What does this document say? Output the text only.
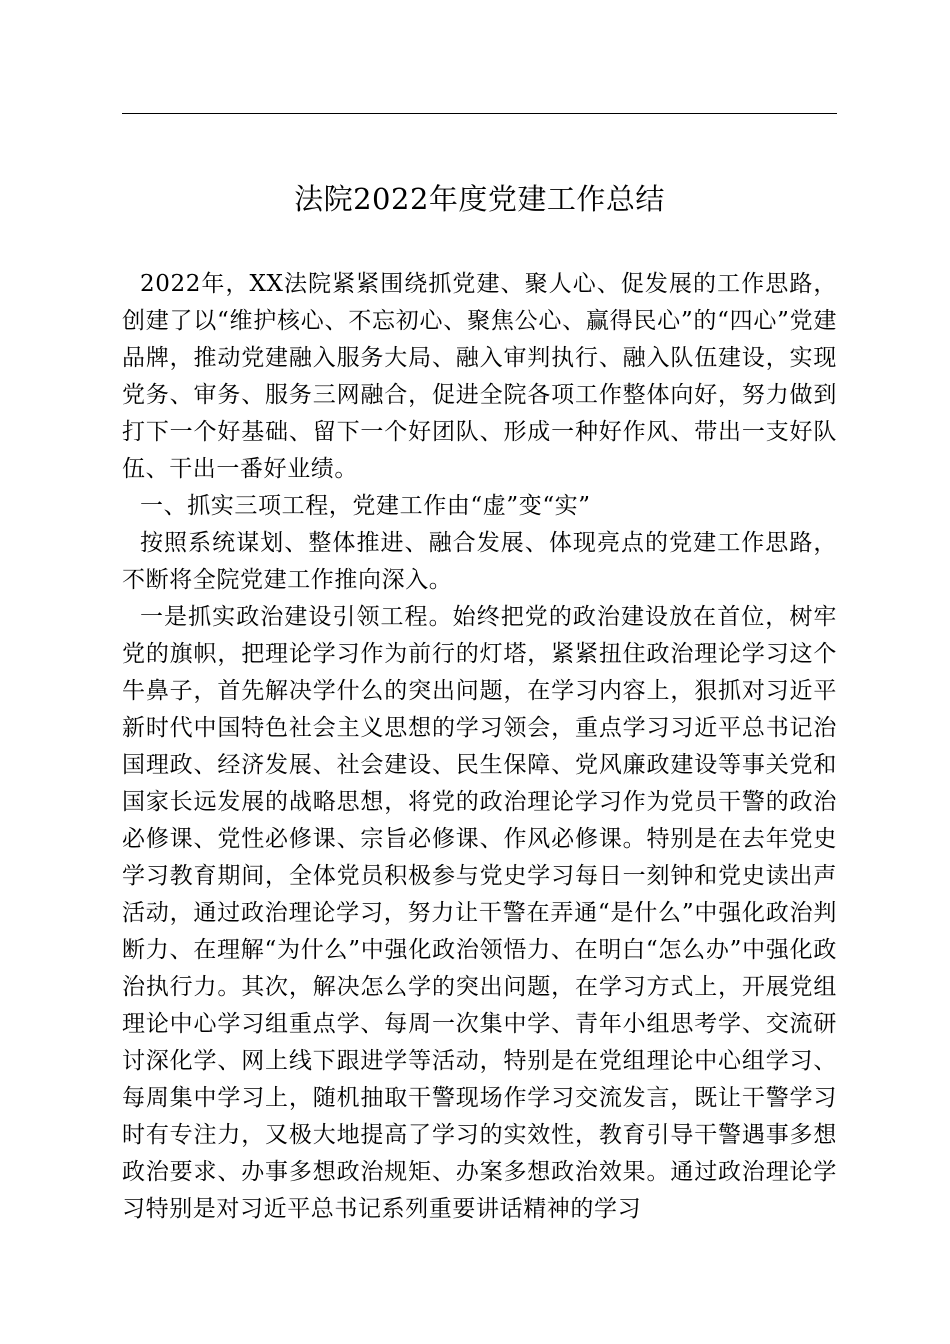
法院2022年度党建工作总结

2022年，XX法院紧紧围绕抓党建、聚人心、促发展的工作思路，创建了以“维护核心、不忘初心、聚焦公心、赢得民心”的“四心”党建品牌，推动党建融入服务大局、融入审判执行、融入队伍建设，实现党务、审务、服务三网融合，促进全院各项工作整体向好，努力做到打下一个好基础、留下一个好团队、形成一种好作风、带出一支好队伍、干出一番好业绩。

一、抓实三项工程，党建工作由“虚”变“实”

按照系统谋划、整体推进、融合发展、体现亮点的党建工作思路，不断将全院党建工作推向深入。

一是抓实政治建设引领工程。始终把党的政治建设放在首位，树牢党的旗帜，把理论学习作为前行的灯塔，紧紧扭住政治理论学习这个牛鼻子，首先解决学什么的突出问题，在学习内容上，狠抓对习近平新时代中国特色社会主义思想的学习领会，重点学习习近平总书记治国理政、经济发展、社会建设、民生保障、党风廉政建设等事关党和国家长远发展的战略思想，将党的政治理论学习作为党员干警的政治必修课、党性必修课、宗旨必修课、作风必修课。特别是在去年党史学习教育期间，全体党员积极参与党史学习每日一刻钟和党史读出声活动，通过政治理论学习，努力让干警在弄通“是什么”中强化政治判断力、在理解“为什么”中强化政治领悟力、在明白“怎么办”中强化政治执行力。其次，解决怎么学的突出问题，在学习方式上，开展党组理论中心学习组重点学、每周一次集中学、青年小组思考学、交流研讨深化学、网上线下跟进学等活动，特别是在党组理论中心组学习、每周集中学习上，随机抽取干警现场作学习交流发言，既让干警学习时有专注力，又极大地提高了学习的实效性，教育引导干警遇事多想政治要求、办事多想政治规矩、办案多想政治效果。通过政治理论学习特别是对习近平总书记系列重要讲话精神的学习
